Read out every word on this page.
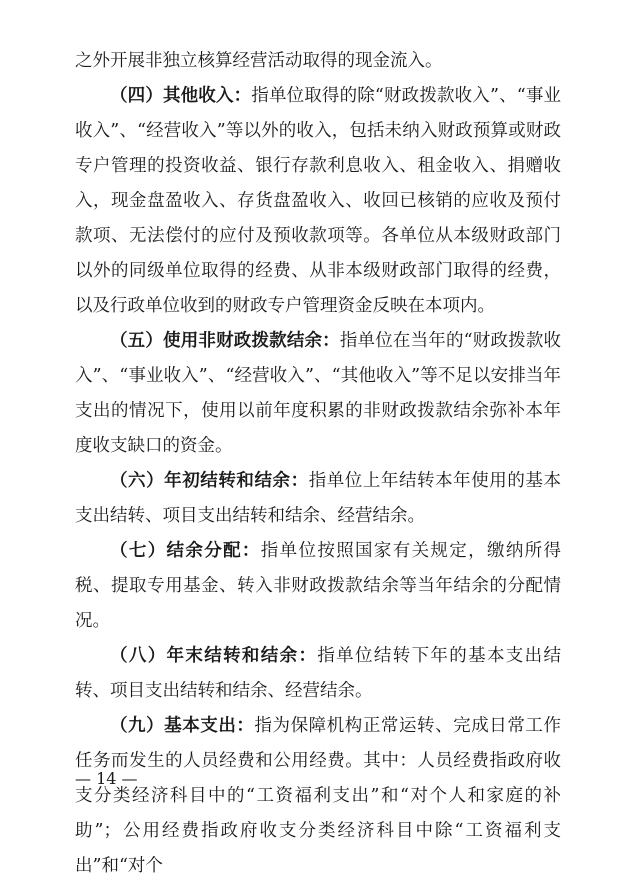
之外开展非独立核算经营活动取得的现金流入。

（四）其他收入：指单位取得的除“财政拨款收入”、“事业收入”、“经营收入”等以外的收入，包括未纳入财政预算或财政专户管理的投资收益、银行存款利息收入、租金收入、捐赠收入，现金盘盈收入、存货盘盈收入、收回已核销的应收及预付款项、无法偿付的应付及预收款项等。各单位从本级财政部门以外的同级单位取得的经费、从非本级财政部门取得的经费，以及行政单位收到的财政专户管理资金反映在本项内。

（五）使用非财政拨款结余：指单位在当年的“财政拨款收入”、“事业收入”、“经营收入”、“其他收入”等不足以安排当年支出的情况下，使用以前年度积累的非财政拨款结余弥补本年度收支缺口的资金。

（六）年初结转和结余：指单位上年结转本年使用的基本支出结转、项目支出结转和结余、经营结余。

（七）结余分配：指单位按照国家有关规定，缴纳所得税、提取专用基金、转入非财政拨款结余等当年结余的分配情况。

（八）年末结转和结余：指单位结转下年的基本支出结转、项目支出结转和结余、经营结余。

（九）基本支出：指为保障机构正常运转、完成日常工作任务而发生的人员经费和公用经费。其中：人员经费指政府收支分类经济科目中的“工资福利支出”和“对个人和家庭的补助”；公用经费指政府收支分类经济科目中除“工资福利支出”和“对个

— 14 —
